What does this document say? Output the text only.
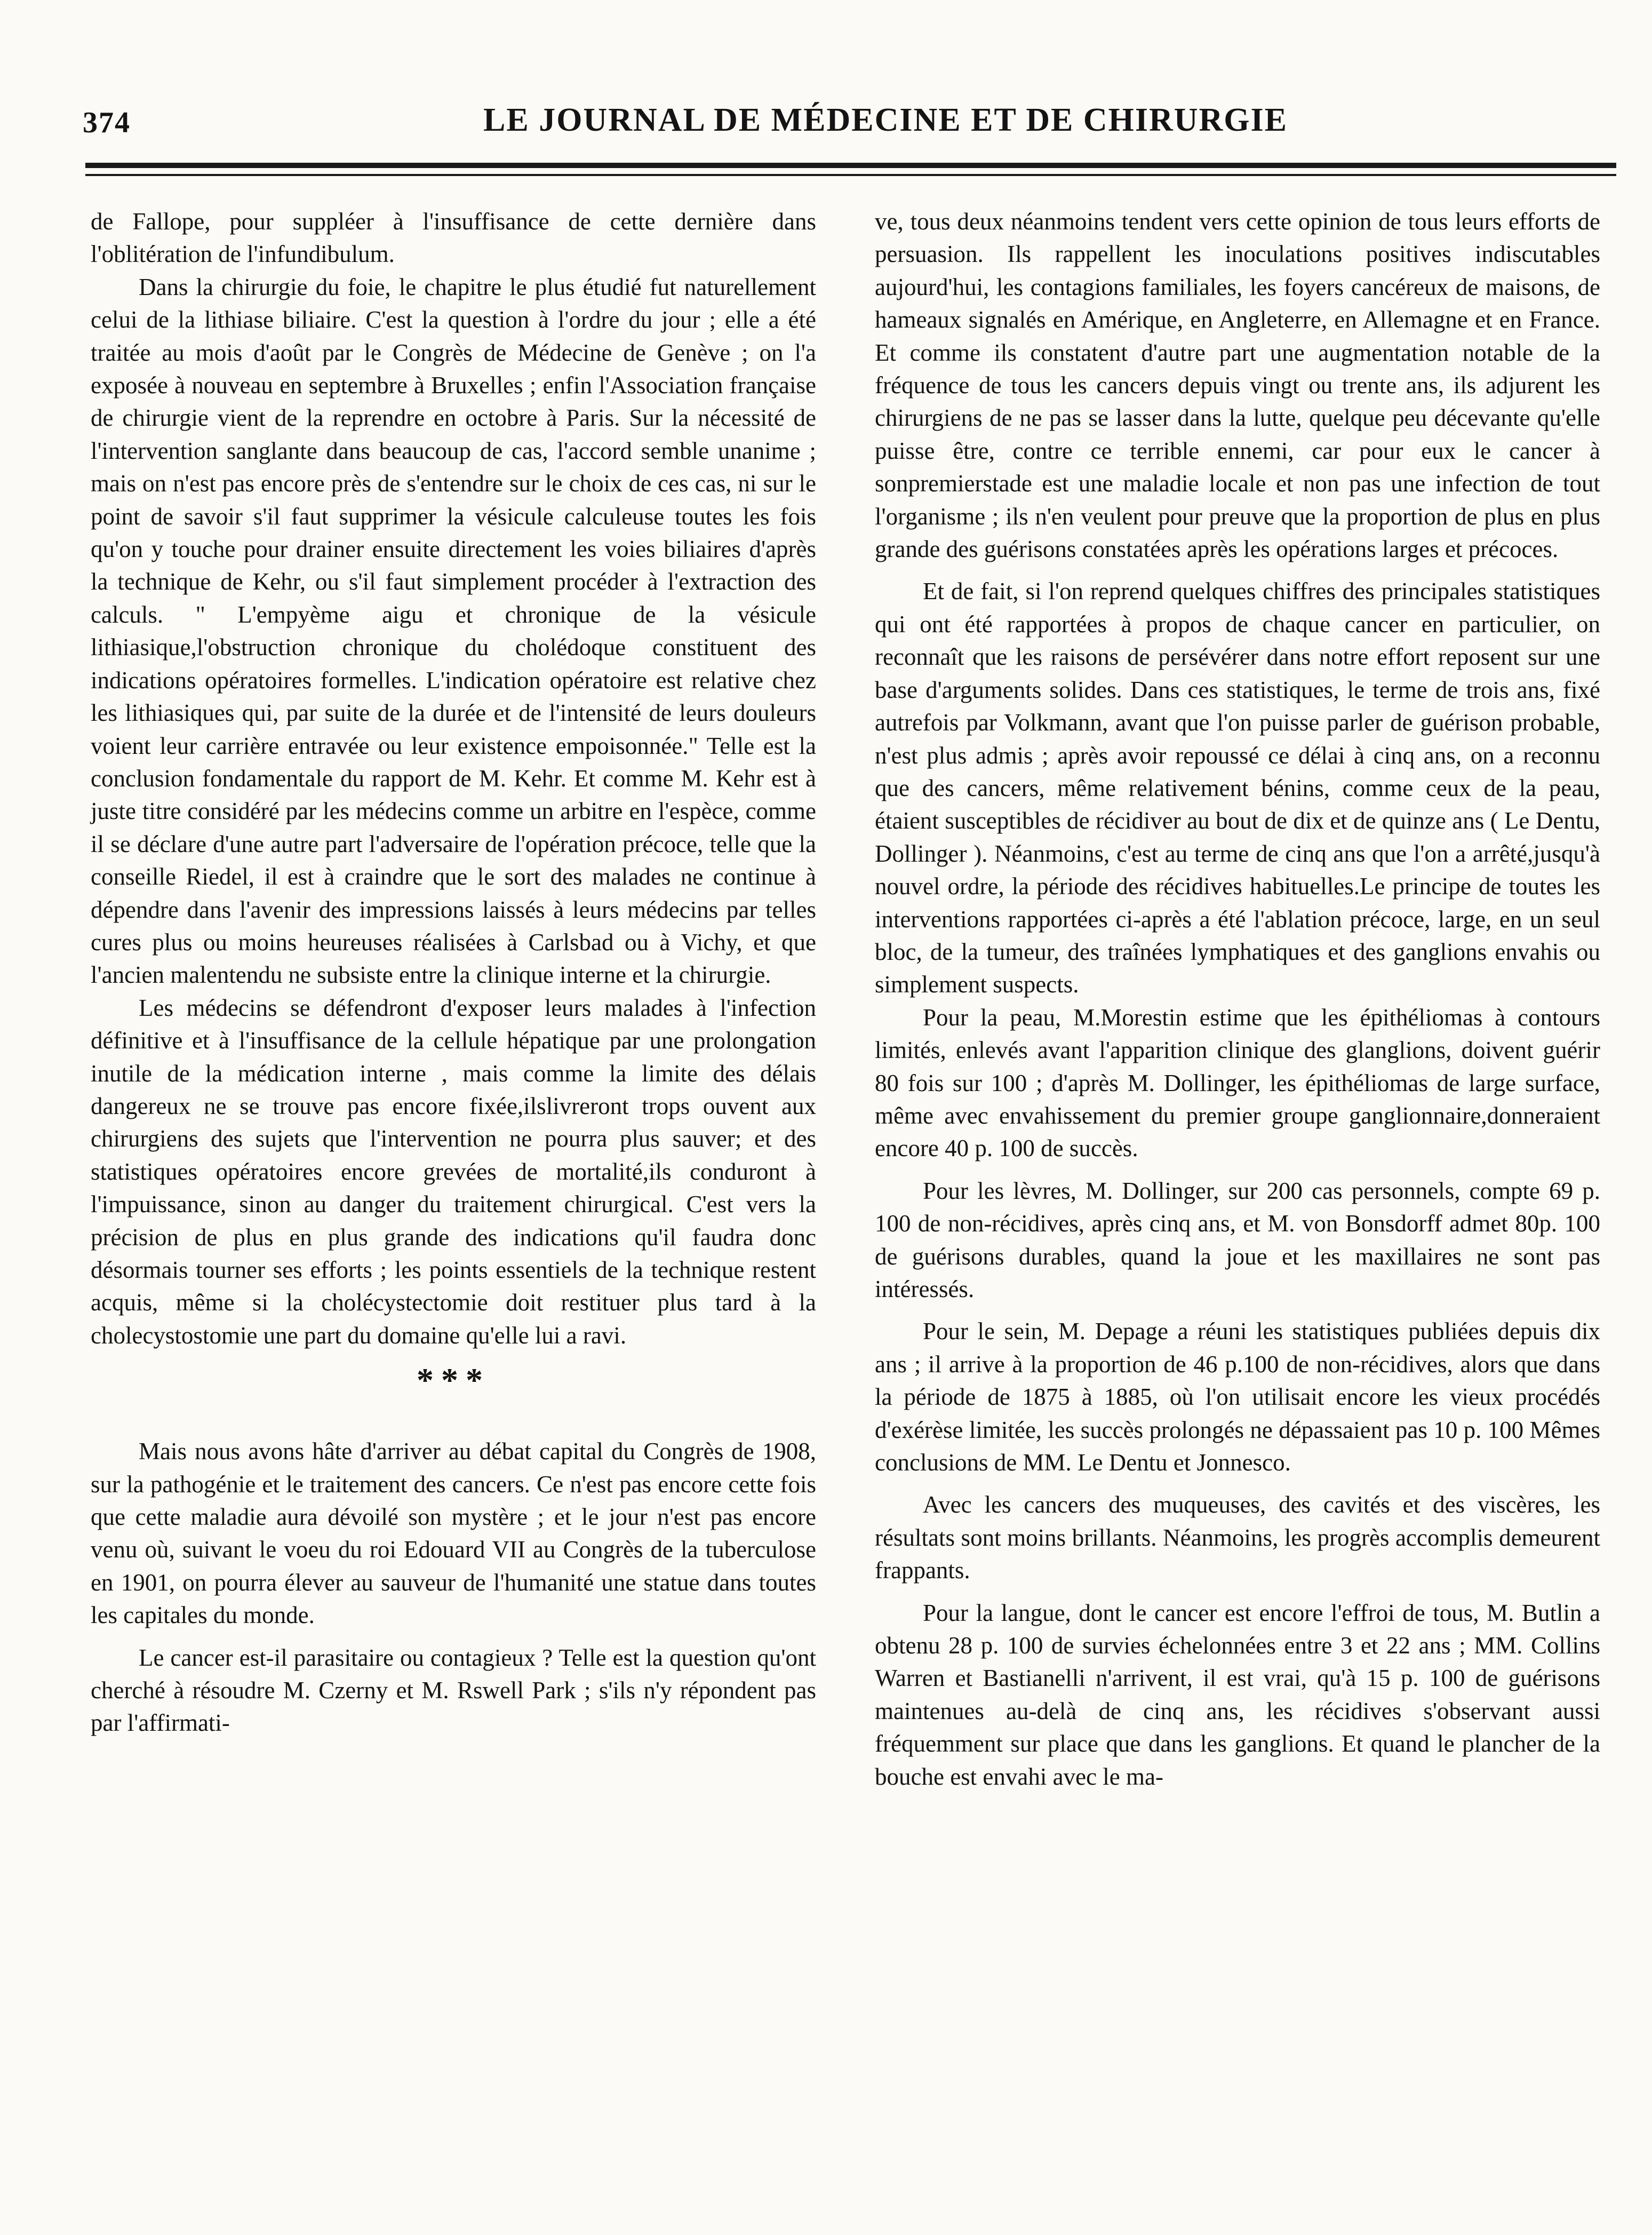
374	LE JOURNAL DE MÉDECINE ET DE CHIRURGIE

de Fallope, pour suppléer à l'insuffisance de cette dernière dans l'oblitération de l'infundibulum.

Dans la chirurgie du foie, le chapitre le plus étudié fut naturellement celui de la lithiase biliaire. C'est la question à l'ordre du jour ; elle a été traitée au mois d'août par le Congrès de Médecine de Genève ; on l'a exposée à nouveau en septembre à Bruxelles ; enfin l'Association française de chirurgie vient de la reprendre en octobre à Paris. Sur la nécessité de l'intervention sanglante dans beaucoup de cas, l'accord semble unanime ; mais on n'est pas encore près de s'entendre sur le choix de ces cas, ni sur le point de savoir s'il faut supprimer la vésicule calculeuse toutes les fois qu'on y touche pour drainer ensuite directement les voies biliaires d'après la technique de Kehr, ou s'il faut simplement procéder à l'extraction des calculs. " L'empyème aigu et chronique de la vésicule lithiasique,l'obstruction chronique du cholédoque constituent des indications opératoires formelles. L'indication opératoire est relative chez les lithiasiques qui, par suite de la durée et de l'intensité de leurs douleurs voient leur carrière entravée ou leur existence empoisonnée." Telle est la conclusion fondamentale du rapport de M. Kehr. Et comme M. Kehr est à juste titre considéré par les médecins comme un arbitre en l'espèce, comme il se déclare d'une autre part l'adversaire de l'opération précoce, telle que la conseille Riedel, il est à craindre que le sort des malades ne continue à dépendre dans l'avenir des impressions laissés à leurs médecins par telles cures plus ou moins heureuses réalisées à Carlsbad ou à Vichy, et que l'ancien malentendu ne subsiste entre la clinique interne et la chirurgie.

Les médecins se défendront d'exposer leurs malades à l'infection définitive et à l'insuffisance de la cellule hépatique par une prolongation inutile de la médication interne , mais comme la limite des délais dangereux ne se trouve pas encore fixée,ilslivreront trops ouvent aux chirurgiens des sujets que l'intervention ne pourra plus sauver; et des statistiques opératoires encore grevées de mortalité,ils conduront à l'impuissance, sinon au danger du traitement chirurgical. C'est vers la précision de plus en plus grande des indications qu'il faudra donc désormais tourner ses efforts ; les points essentiels de la technique restent acquis, même si la cholécystectomie doit restituer plus tard à la cholecystostomie une part du domaine qu'elle lui a ravi.

***

Mais nous avons hâte d'arriver au débat capital du Congrès de 1908, sur la pathogénie et le traitement des cancers. Ce n'est pas encore cette fois que cette maladie aura dévoilé son mystère ; et le jour n'est pas encore venu où, suivant le voeu du roi Edouard VII au Congrès de la tuberculose en 1901, on pourra élever au sauveur de l'humanité une statue dans toutes les capitales du monde.

Le cancer est-il parasitaire ou contagieux ? Telle est la question qu'ont cherché à résoudre M. Czerny et M. Rswell Park ; s'ils n'y répondent pas par l'affirmati-

ve, tous deux néanmoins tendent vers cette opinion de tous leurs efforts de persuasion. Ils rappellent les inoculations positives indiscutables aujourd'hui, les contagions familiales, les foyers cancéreux de maisons, de hameaux signalés en Amérique, en Angleterre, en Allemagne et en France. Et comme ils constatent d'autre part une augmentation notable de la fréquence de tous les cancers depuis vingt ou trente ans, ils adjurent les chirurgiens de ne pas se lasser dans la lutte, quelque peu décevante qu'elle puisse être, contre ce terrible ennemi, car pour eux le cancer à sonpremierstade est une maladie locale et non pas une infection de tout l'organisme ; ils n'en veulent pour preuve que la proportion de plus en plus grande des guérisons constatées après les opérations larges et précoces.

Et de fait, si l'on reprend quelques chiffres des principales statistiques qui ont été rapportées à propos de chaque cancer en particulier, on reconnaît que les raisons de persévérer dans notre effort reposent sur une base d'arguments solides. Dans ces statistiques, le terme de trois ans, fixé autrefois par Volkmann, avant que l'on puisse parler de guérison probable, n'est plus admis ; après avoir repoussé ce délai à cinq ans, on a reconnu que des cancers, même relativement bénins, comme ceux de la peau, étaient susceptibles de récidiver au bout de dix et de quinze ans ( Le Dentu, Dollinger ). Néanmoins, c'est au terme de cinq ans que l'on a arrêté,jusqu'à nouvel ordre, la période des récidives habituelles.Le principe de toutes les interventions rapportées ci-après a été l'ablation précoce, large, en un seul bloc, de la tumeur, des traînées lymphatiques et des ganglions envahis ou simplement suspects.

Pour la peau, M.Morestin estime que les épithéliomas à contours limités, enlevés avant l'apparition clinique des glanglions, doivent guérir 80 fois sur 100 ; d'après M. Dollinger, les épithéliomas de large surface, même avec envahissement du premier groupe ganglionnaire,donneraient encore 40 p. 100 de succès.

Pour les lèvres, M. Dollinger, sur 200 cas personnels, compte 69 p. 100 de non-récidives, après cinq ans, et M. von Bonsdorff admet 80p. 100 de guérisons durables, quand la joue et les maxillaires ne sont pas intéressés.

Pour le sein, M. Depage a réuni les statistiques publiées depuis dix ans ; il arrive à la proportion de 46 p.100 de non-récidives, alors que dans la période de 1875 à 1885, où l'on utilisait encore les vieux procédés d'exérèse limitée, les succès prolongés ne dépassaient pas 10 p. 100 Mêmes conclusions de MM. Le Dentu et Jonnesco.

Avec les cancers des muqueuses, des cavités et des viscères, les résultats sont moins brillants. Néanmoins, les progrès accomplis demeurent frappants.

Pour la langue, dont le cancer est encore l'effroi de tous, M. Butlin a obtenu 28 p. 100 de survies échelonnées entre 3 et 22 ans ; MM. Collins Warren et Bastianelli n'arrivent, il est vrai, qu'à 15 p. 100 de guérisons maintenues au-delà de cinq ans, les récidives s'observant aussi fréquemment sur place que dans les ganglions. Et quand le plancher de la bouche est envahi avec le ma-
